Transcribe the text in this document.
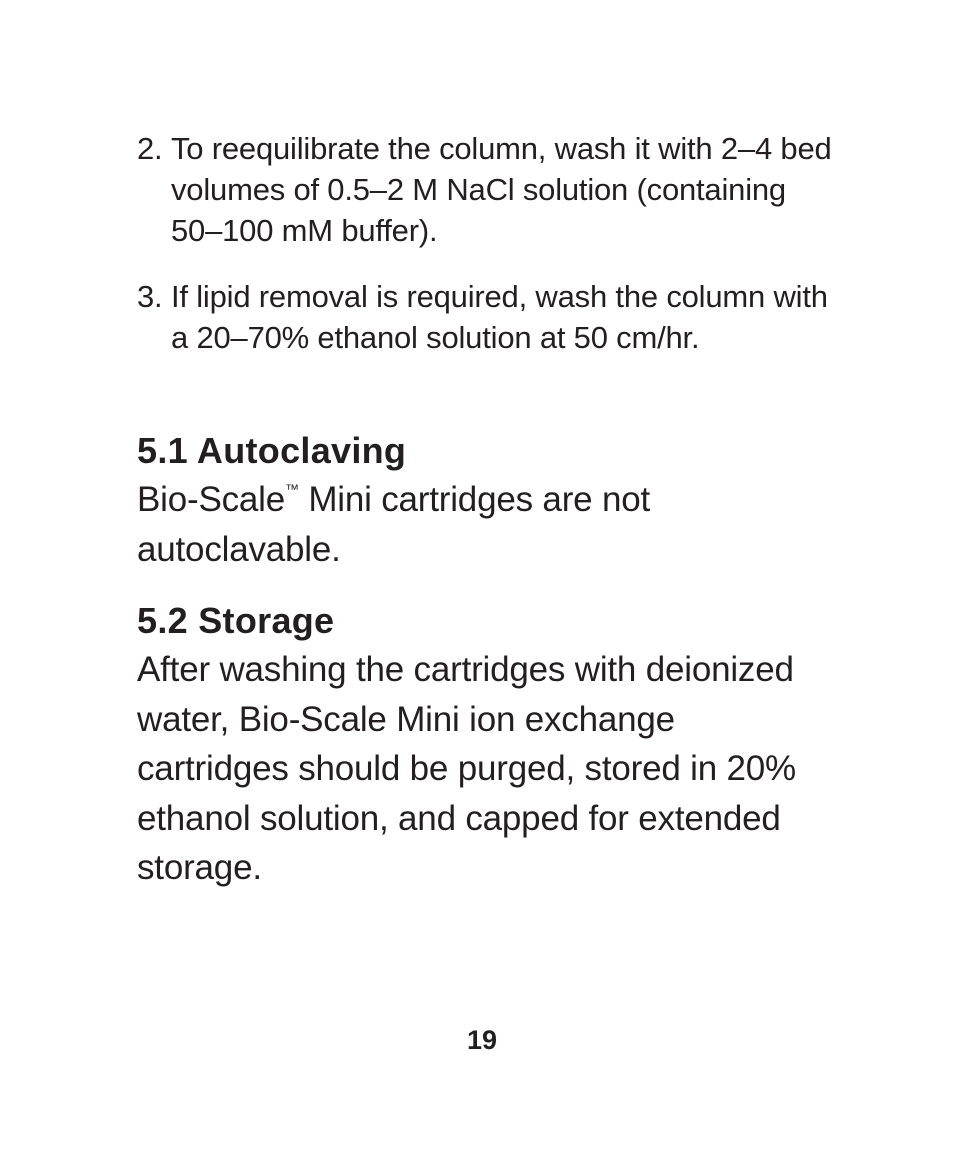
2. To reequilibrate the column, wash it with 2–4 bed volumes of 0.5–2 M NaCl solution (containing 50–100 mM buffer).
3. If lipid removal is required, wash the column with a 20–70% ethanol solution at 50 cm/hr.
5.1 Autoclaving

Bio-Scale™ Mini cartridges are not autoclavable.

5.2 Storage

After washing the cartridges with deionized water, Bio-Scale Mini ion exchange cartridges should be purged, stored in 20% ethanol solution, and capped for extended storage.

19
